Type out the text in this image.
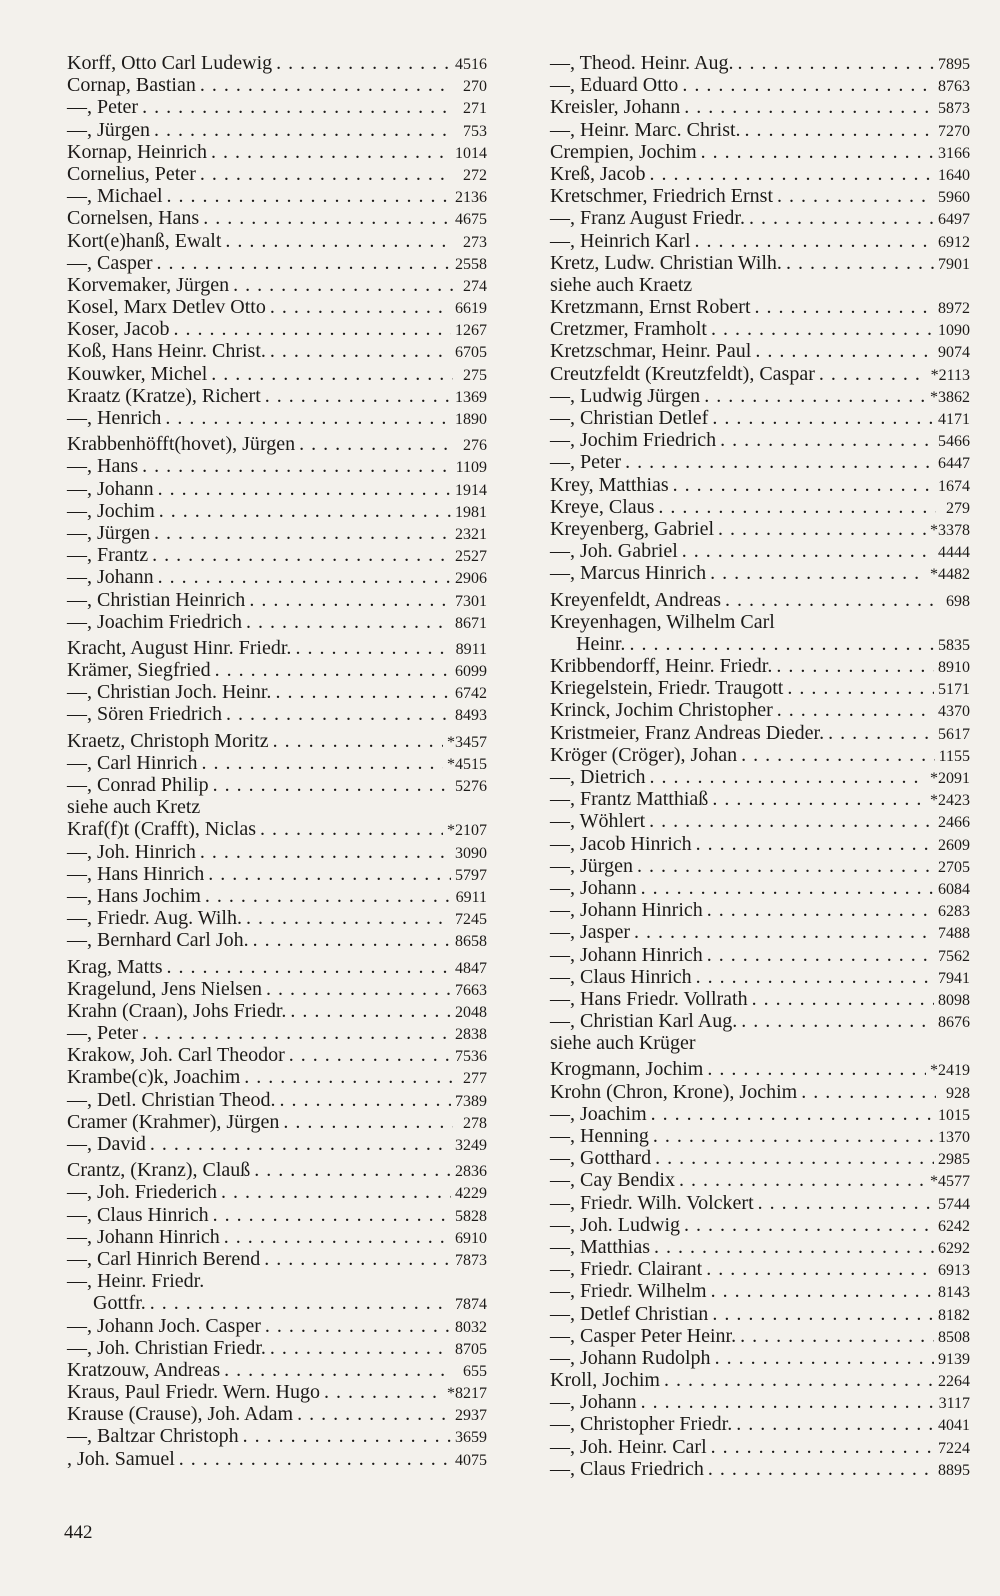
Korff, Otto Carl Ludewig . . .	4516
Cornap, Bastian . . .	270
—, Peter . . .	271
—, Jürgen . . .	753
Kornap, Heinrich . . .	1014
Cornelius, Peter . . .	272
—, Michael . . .	2136
Cornelsen, Hans . . .	4675
Kort(e)hanß, Ewalt . . .	273
—, Casper . . .	2558
Korvemaker, Jürgen . . .	274
Kosel, Marx Detlev Otto . . .	6619
Koser, Jacob . . .	1267
Koß, Hans Heinr. Christ. . . .	6705
Kouwker, Michel . . .	275
Kraatz (Kratze), Richert . . .	1369
—, Henrich . . .	1890
Krabbenhöfft(hovet), Jürgen . . .	276
—, Hans . . .	1109
—, Johann . . .	1914
—, Jochim . . .	1981
—, Jürgen . . .	2321
—, Frantz . . .	2527
—, Johann . . .	2906
—, Christian Heinrich . . .	7301
—, Joachim Friedrich . . .	8671
Kracht, August Hinr. Friedr. . . .	8911
Krämer, Siegfried . . .	6099
—, Christian Joch. Heinr. . . .	6742
—, Sören Friedrich . . .	8493
Kraetz, Christoph Moritz . . .	*3457
—, Carl Hinrich . . .	*4515
—, Conrad Philip . . .	5276
siehe auch Kretz
Kraf(f)t (Crafft), Niclas . . .	*2107
—, Joh. Hinrich . . .	3090
—, Hans Hinrich . . .	5797
—, Hans Jochim . . .	6911
—, Friedr. Aug. Wilh. . . .	7245
—, Bernhard Carl Joh. . . .	8658
Krag, Matts . . .	4847
Kragelund, Jens Nielsen . . .	7663
Krahn (Craan), Johs Friedr. . . .	2048
—, Peter . . .	2838
Krakow, Joh. Carl Theodor . . .	7536
Krambe(c)k, Joachim . . .	277
—, Detl. Christian Theod. . . .	7389
Cramer (Krahmer), Jürgen . . .	278
—, David . . .	3249
Crantz, (Kranz), Clauß . . .	2836
—, Joh. Friederich . . .	4229
—, Claus Hinrich . . .	5828
—, Johann Hinrich . . .	6910
—, Carl Hinrich Berend . . .	7873
—, Heinr. Friedr.
Gottfr. . . .	7874
—, Johann Joch. Casper . . .	8032
—, Joh. Christian Friedr. . . .	8705
Kratzouw, Andreas . . .	655
Kraus, Paul Friedr. Wern. Hugo . . .	*8217
Krause (Crause), Joh. Adam . . .	2937
—, Baltzar Christoph . . .	3659
, Joh. Samuel . . .	4075
—, Theod. Heinr. Aug. . . .	7895
—, Eduard Otto . . .	8763
Kreisler, Johann . . .	5873
—, Heinr. Marc. Christ. . . .	7270
Crempien, Jochim . . .	3166
Kreß, Jacob . . .	1640
Kretschmer, Friedrich Ernst . . .	5960
—, Franz August Friedr. . . .	6497
—, Heinrich Karl . . .	6912
Kretz, Ludw. Christian Wilh. . . .	7901
siehe auch Kraetz
Kretzmann, Ernst Robert . . .	8972
Cretzmer, Framholt . . .	1090
Kretzschmar, Heinr. Paul . . .	9074
Creutzfeldt (Kreutzfeldt), Caspar . . .	*2113
—, Ludwig Jürgen . . .	*3862
—, Christian Detlef . . .	4171
—, Jochim Friedrich . . .	5466
—, Peter . . .	6447
Krey, Matthias . . .	1674
Kreye, Claus . . .	279
Kreyenberg, Gabriel . . .	*3378
—, Joh. Gabriel . . .	4444
—, Marcus Hinrich . . .	*4482
Kreyenfeldt, Andreas . . .	698
Kreyenhagen, Wilhelm Carl
Heinr. . . .	5835
Kribbendorff, Heinr. Friedr. . . .	8910
Kriegelstein, Friedr. Traugott . . .	5171
Krinck, Jochim Christopher . . .	4370
Kristmeier, Franz Andreas Dieder. . . .	5617
Kröger (Cröger), Johan . . .	1155
—, Dietrich . . .	*2091
—, Frantz Matthiaß . . .	*2423
—, Wöhlert . . .	2466
—, Jacob Hinrich . . .	2609
—, Jürgen . . .	2705
—, Johann . . .	6084
—, Johann Hinrich . . .	6283
—, Jasper . . .	7488
—, Johann Hinrich . . .	7562
—, Claus Hinrich . . .	7941
—, Hans Friedr. Vollrath . . .	8098
—, Christian Karl Aug. . . .	8676
siehe auch Krüger
Krogmann, Jochim . . .	*2419
Krohn (Chron, Krone), Jochim . . .	928
—, Joachim . . .	1015
—, Henning . . .	1370
—, Gotthard . . .	2985
—, Cay Bendix . . .	*4577
—, Friedr. Wilh. Volckert . . .	5744
—, Joh. Ludwig . . .	6242
—, Matthias . . .	6292
—, Friedr. Clairant . . .	6913
—, Friedr. Wilhelm . . .	8143
—, Detlef Christian . . .	8182
—, Casper Peter Heinr. . . .	8508
—, Johann Rudolph . . .	9139
Kroll, Jochim . . .	2264
—, Johann . . .	3117
—, Christopher Friedr. . . .	4041
—, Joh. Heinr. Carl . . .	7224
—, Claus Friedrich . . .	8895
442
